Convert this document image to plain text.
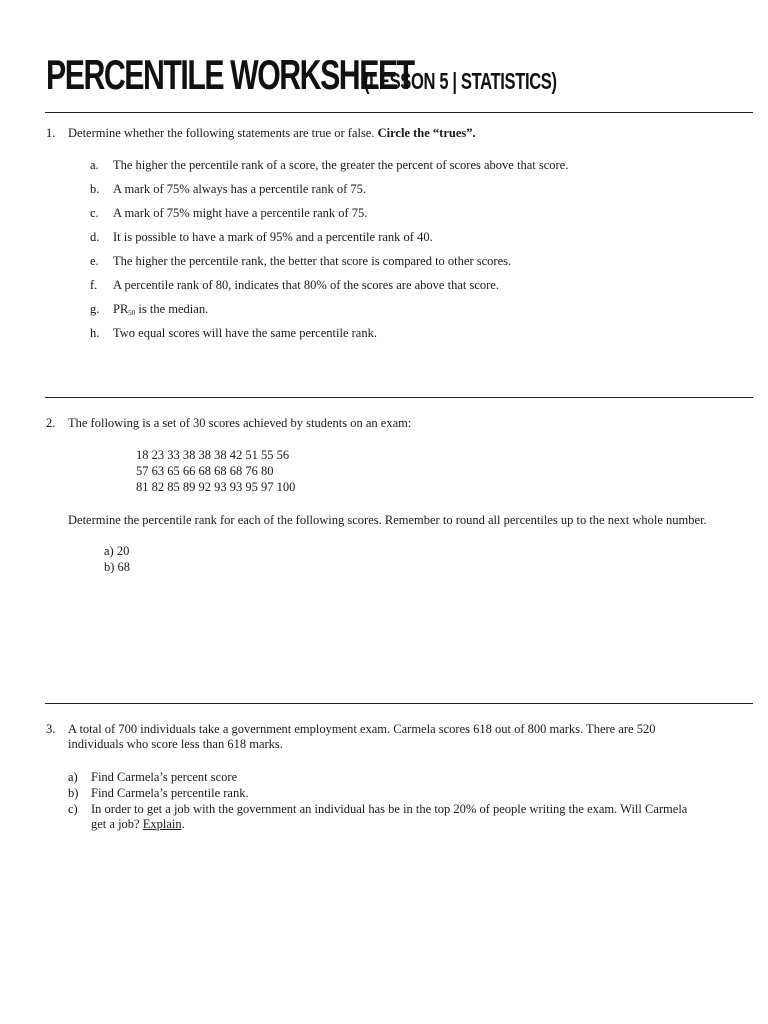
PERCENTILE WORKSHEET
(LESSON 5 | STATISTICS)
1. Determine whether the following statements are true or false. Circle the “trues”.
a. The higher the percentile rank of a score, the greater the percent of scores above that score.
b. A mark of 75% always has a percentile rank of 75.
c. A mark of 75% might have a percentile rank of 75.
d. It is possible to have a mark of 95% and a percentile rank of 40.
e. The higher the percentile rank, the better that score is compared to other scores.
f. A percentile rank of 80, indicates that 80% of the scores are above that score.
g. $PR_{50}$ is the median.
h. Two equal scores will have the same percentile rank.
2. The following is a set of 30 scores achieved by students on an exam:
18 23 33 38 38 38 42 51 55 56
57 63 65 66 68 68 68 76 80
81 82 85 89 92 93 93 95 97 100
Determine the percentile rank for each of the following scores. Remember to round all percentiles up to the next whole number.
a) 20
b) 68
3. A total of 700 individuals take a government employment exam. Carmela scores 618 out of 800 marks. There are 520 individuals who score less than 618 marks.
a) Find Carmela’s percent score
b) Find Carmela’s percentile rank.
c) In order to get a job with the government an individual has be in the top 20% of people writing the exam. Will Carmela get a job? Explain.
